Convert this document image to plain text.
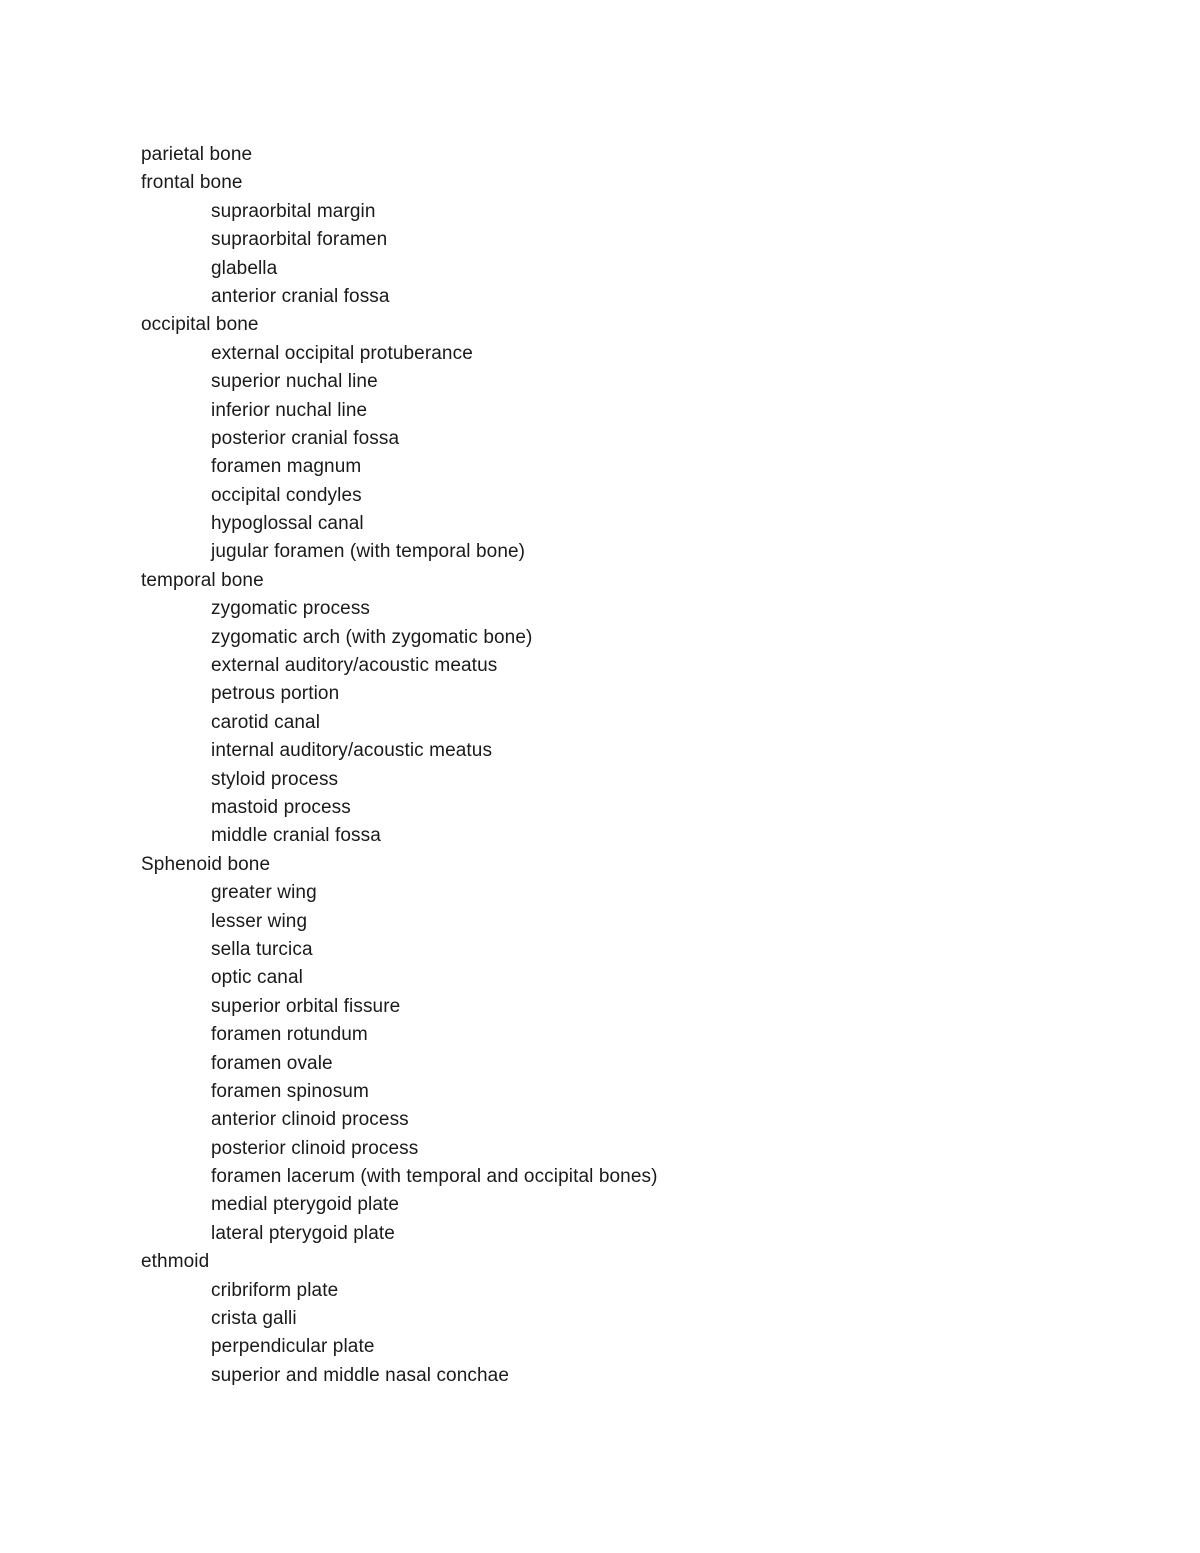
parietal bone
frontal bone
supraorbital margin
supraorbital foramen
glabella
anterior cranial fossa
occipital bone
external occipital protuberance
superior nuchal line
inferior nuchal line
posterior cranial fossa
foramen magnum
occipital condyles
hypoglossal canal
jugular foramen (with temporal bone)
temporal bone
zygomatic process
zygomatic arch (with zygomatic bone)
external auditory/acoustic meatus
petrous portion
carotid canal
internal auditory/acoustic meatus
styloid process
mastoid process
middle cranial fossa
Sphenoid bone
greater wing
lesser wing
sella turcica
optic canal
superior orbital fissure
foramen rotundum
foramen ovale
foramen spinosum
anterior clinoid process
posterior clinoid process
foramen lacerum (with temporal and occipital bones)
medial pterygoid plate
lateral pterygoid plate
ethmoid
cribriform plate
crista galli
perpendicular plate
superior and middle nasal conchae
